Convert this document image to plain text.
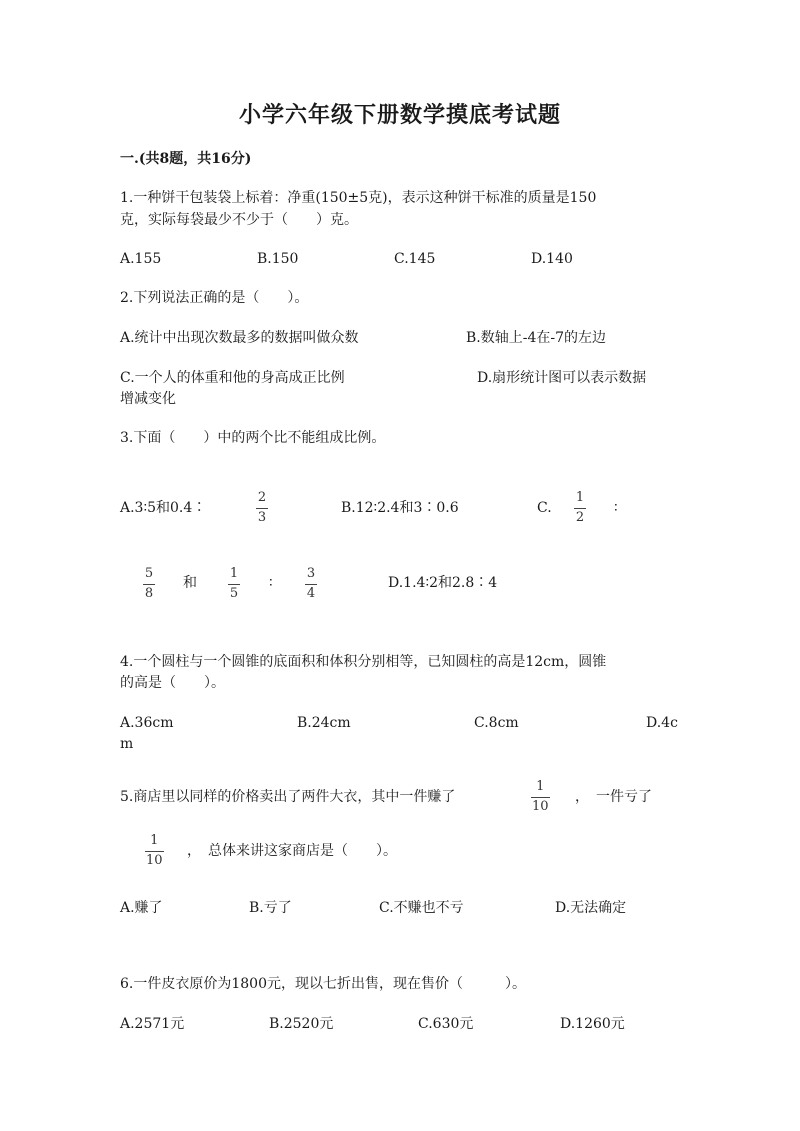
小学六年级下册数学摸底考试题
一.(共8题，共16分)
1.一种饼干包装袋上标着：净重(150±5克)，表示这种饼干标准的质量是150
克，实际每袋最少不少于（　　）克。
A.155	B.150	C.145	D.140
2.下列说法正确的是（　　）。
A.统计中出现次数最多的数据叫做众数	B.数轴上-4在-7的左边
C.一个人的体重和他的身高成正比例	D.扇形统计图可以表示数据
增减变化
3.下面（　　）中的两个比不能组成比例。
A.3∶5和0.4∶
2
3
B.12∶2.4和3∶0.6	C.
1
2
∶
5
8
和
1
5
∶
3
4
D.1.4∶2和2.8∶4
4.一个圆柱与一个圆锥的底面积和体积分别相等，已知圆柱的高是12cm，圆锥
的高是（　　）。
A.36cm	B.24cm	C.8cm	D.4c
m
5.商店里以同样的价格卖出了两件大衣，其中一件赚了
1
10
，　一件亏了
1
10
，　总体来讲这家商店是（　　）。
A.赚了	B.亏了	C.不赚也不亏	D.无法确定
6.一件皮衣原价为1800元，现以七折出售，现在售价（　　　）。
A.2571元	B.2520元	C.630元	D.1260元
